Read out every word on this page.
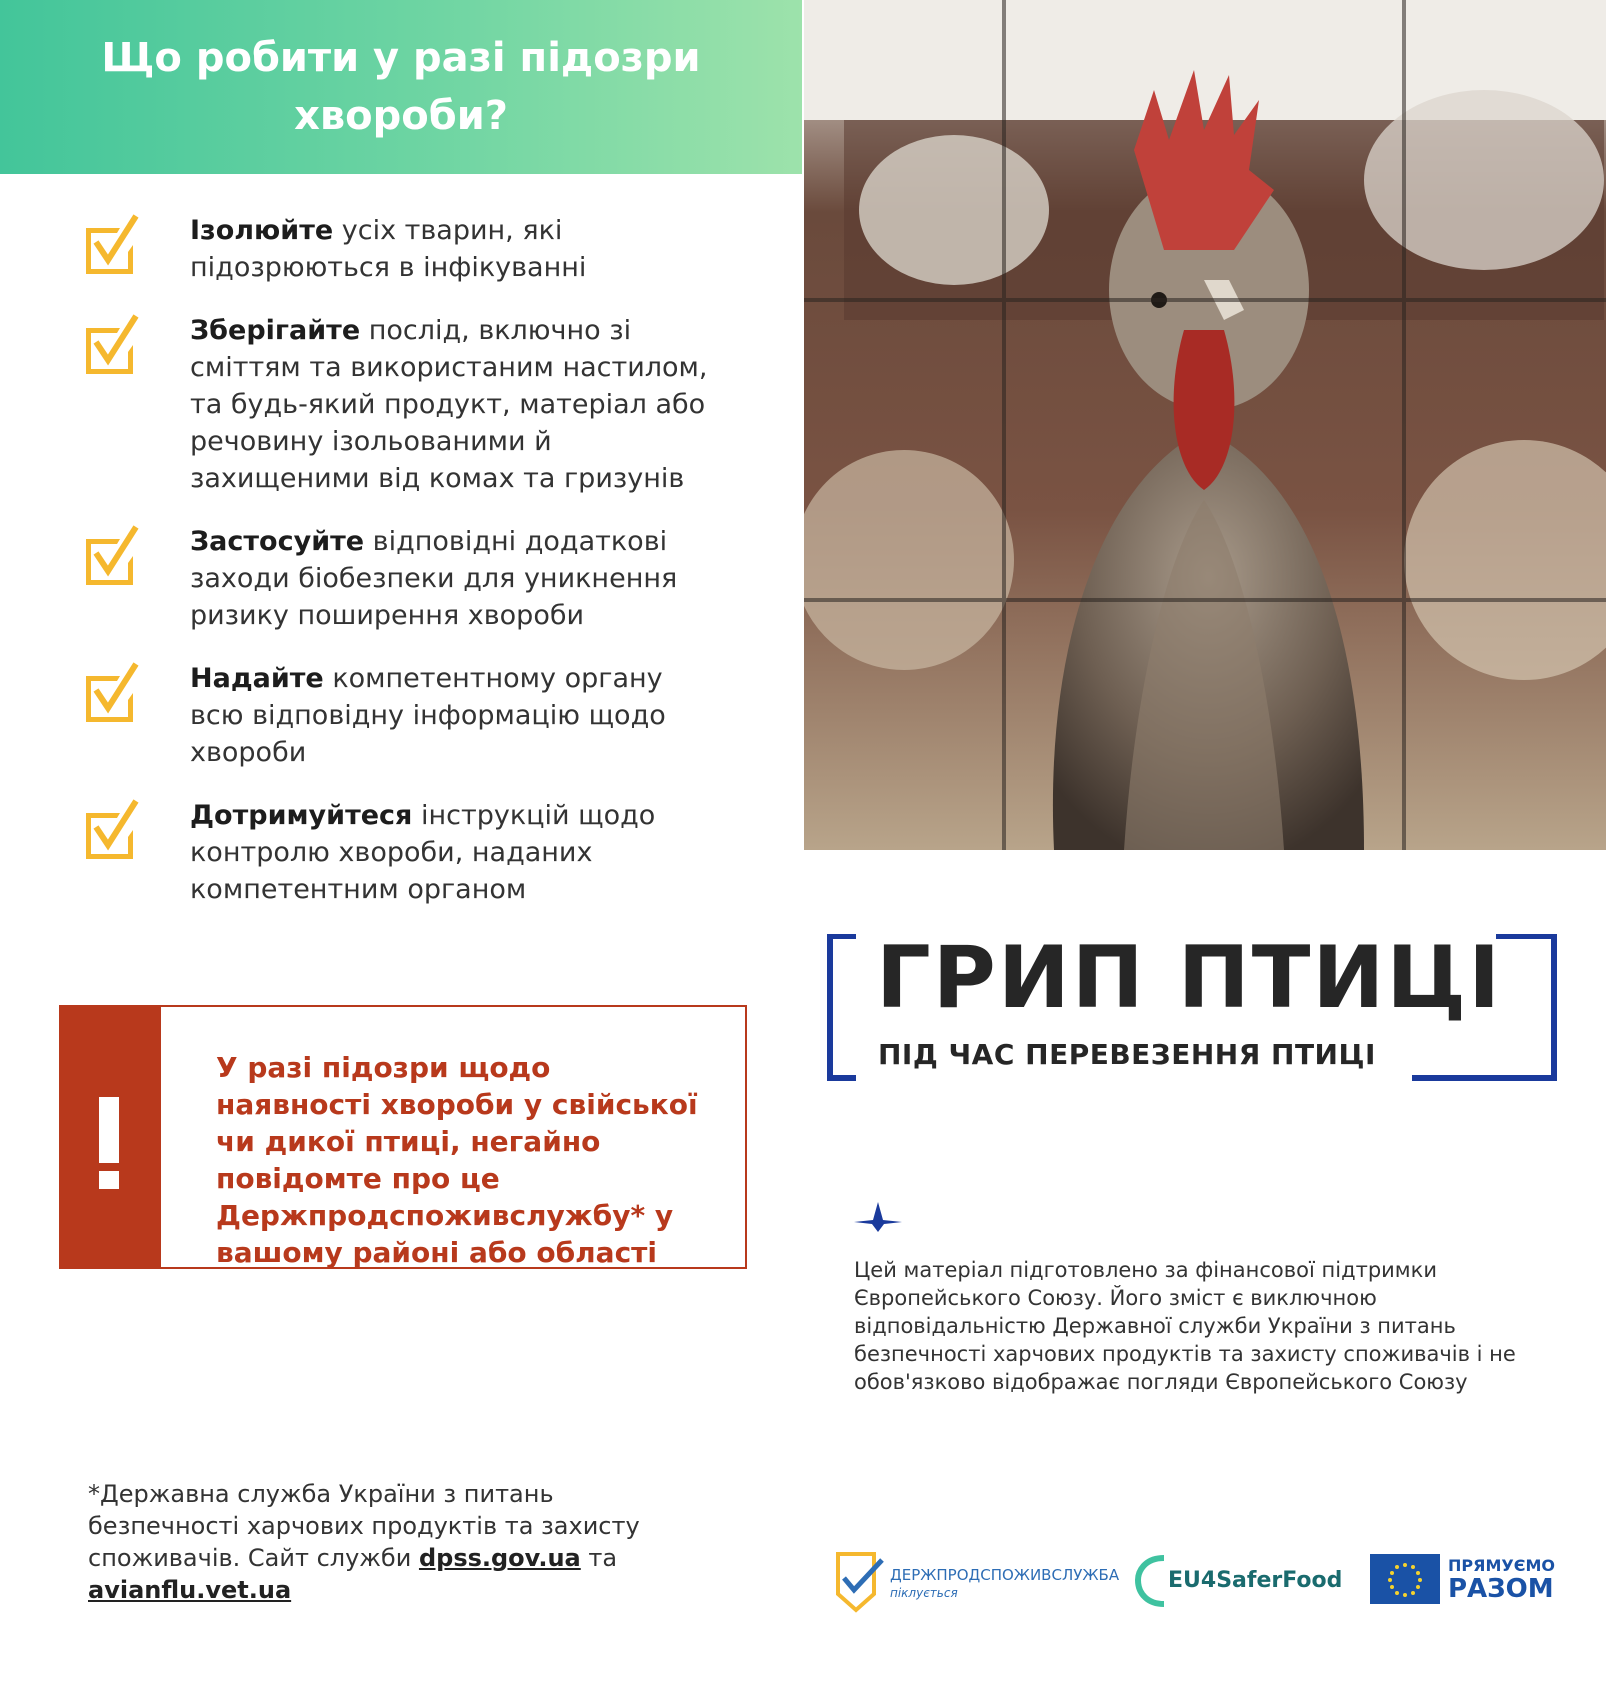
Що робити у разі підозри хвороби?

Ізолюйте усіх тварин, які підозрюються в інфікуванні

Зберігайте послід, включно зі сміттям та використаним настилом, та будь-який продукт, матеріал або речовину ізольованими й захищеними від комах та гризунів

Застосуйте відповідні додаткові заходи біобезпеки для уникнення ризику поширення хвороби

Надайте компетентному органу всю відповідну інформацію щодо хвороби

Дотримуйтеся інструкцій щодо контролю хвороби, наданих компетентним органом

У разі підозри щодо наявності хвороби у свійської чи дикої птиці, негайно повідомте про це Держпродспоживслужбу* у вашому районі або області

*Державна служба України з питань безпечності харчових продуктів та захисту споживачів. Сайт служби dpss.gov.ua та avianflu.vet.ua

ГРИП ПТИЦІ

ПІД ЧАС ПЕРЕВЕЗЕННЯ ПТИЦІ

Цей матеріал підготовлено за фінансової підтримки Європейського Союзу. Його зміст є виключною відповідальністю Державної служби України з питань безпечності харчових продуктів та захисту споживачів і не обов'язково відображає погляди Європейського Союзу

ДЕРЖПРОДСПОЖИВСЛУЖБА
піклується	EU4SaferFood
ПРЯМУЄМО
РАЗОМ
